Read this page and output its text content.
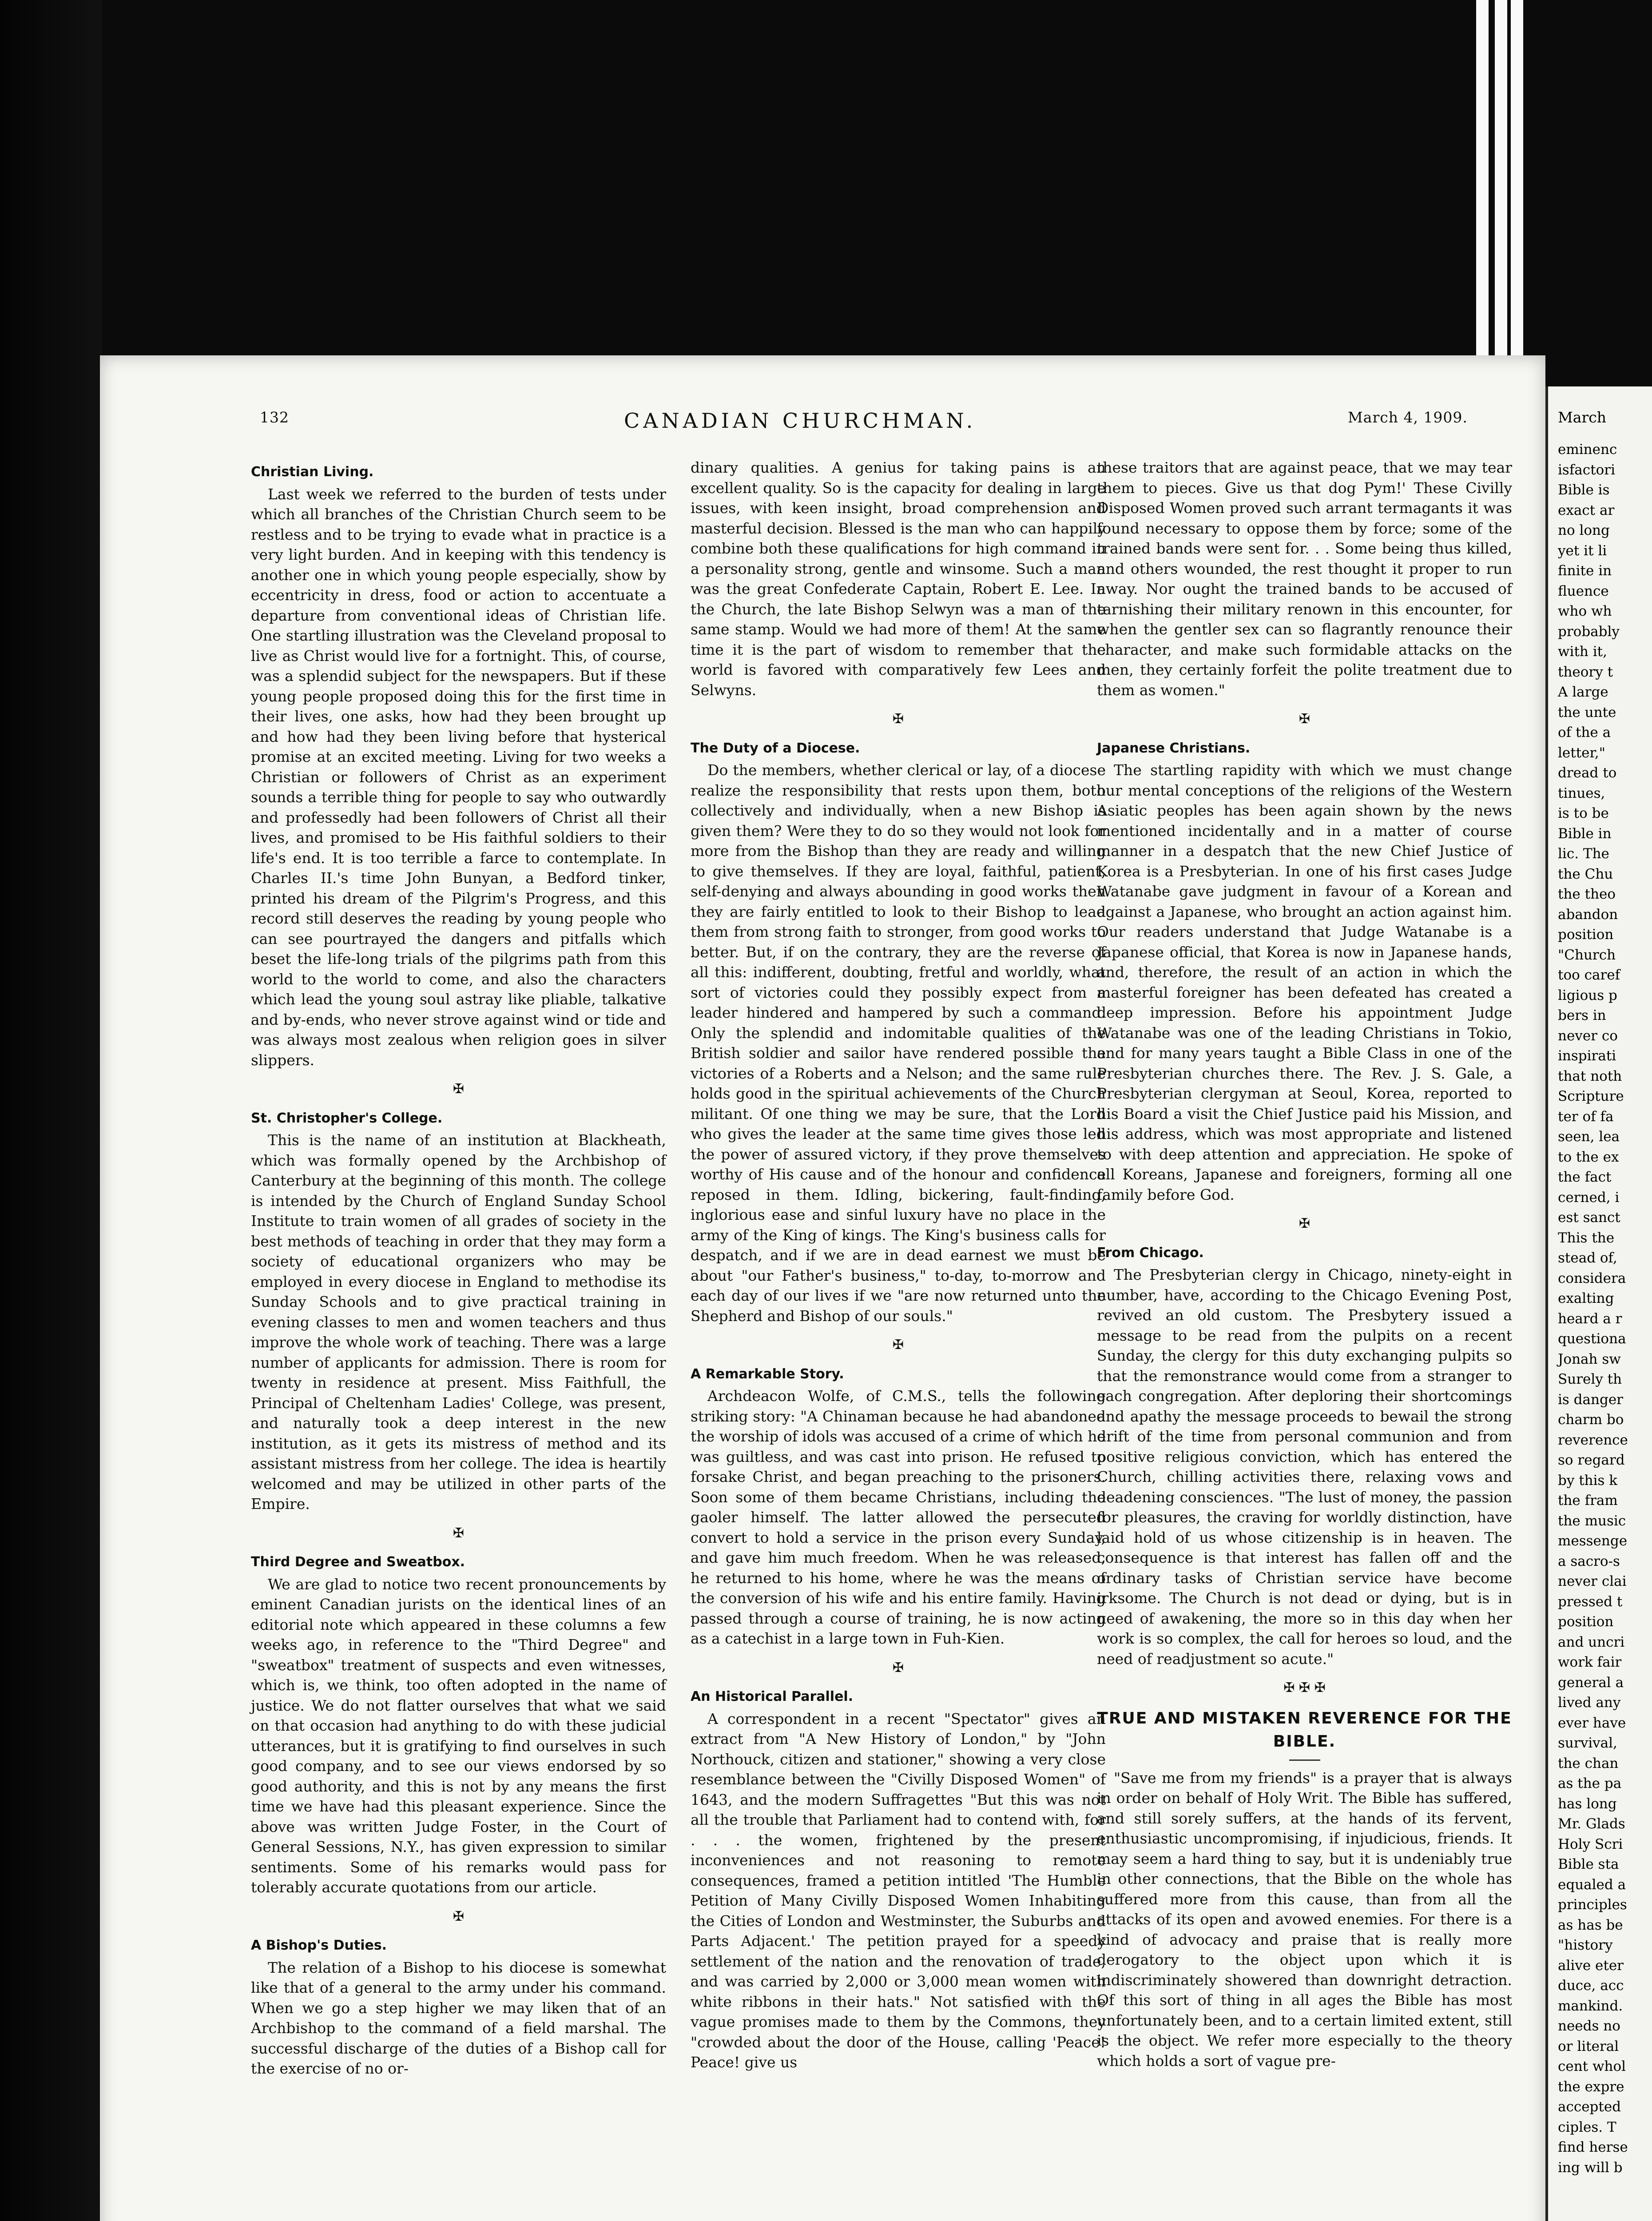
132	CANADIAN CHURCHMAN.	March 4, 1909.
Christian Living.

Last week we referred to the burden of tests under which all branches of the Christian Church seem to be restless and to be trying to evade what in practice is a very light burden. And in keeping with this tendency is another one in which young people especially, show by eccentricity in dress, food or action to accentuate a departure from conventional ideas of Christian life. One startling illustration was the Cleveland proposal to live as Christ would live for a fortnight. This, of course, was a splendid subject for the newspapers. But if these young people proposed doing this for the first time in their lives, one asks, how had they been brought up and how had they been living before that hysterical promise at an excited meeting. Living for two weeks a Christian or followers of Christ as an experiment sounds a terrible thing for people to say who outwardly and professedly had been followers of Christ all their lives, and promised to be His faithful soldiers to their life's end. It is too terrible a farce to contemplate. In Charles II.'s time John Bunyan, a Bedford tinker, printed his dream of the Pilgrim's Progress, and this record still deserves the reading by young people who can see pourtrayed the dangers and pitfalls which beset the life-long trials of the pilgrims path from this world to the world to come, and also the characters which lead the young soul astray like pliable, talkative and by-ends, who never strove against wind or tide and was always most zealous when religion goes in silver slippers.

✠
St. Christopher's College.

This is the name of an institution at Blackheath, which was formally opened by the Archbishop of Canterbury at the beginning of this month. The college is intended by the Church of England Sunday School Institute to train women of all grades of society in the best methods of teaching in order that they may form a society of educational organizers who may be employed in every diocese in England to methodise its Sunday Schools and to give practical training in evening classes to men and women teachers and thus improve the whole work of teaching. There was a large number of applicants for admission. There is room for twenty in residence at present. Miss Faithfull, the Principal of Cheltenham Ladies' College, was present, and naturally took a deep interest in the new institution, as it gets its mistress of method and its assistant mistress from her college. The idea is heartily welcomed and may be utilized in other parts of the Empire.

✠
Third Degree and Sweatbox.

We are glad to notice two recent pronouncements by eminent Canadian jurists on the identical lines of an editorial note which appeared in these columns a few weeks ago, in reference to the "Third Degree" and "sweatbox" treatment of suspects and even witnesses, which is, we think, too often adopted in the name of justice. We do not flatter ourselves that what we said on that occasion had anything to do with these judicial utterances, but it is gratifying to find ourselves in such good company, and to see our views endorsed by so good authority, and this is not by any means the first time we have had this pleasant experience. Since the above was written Judge Foster, in the Court of General Sessions, N.Y., has given expression to similar sentiments. Some of his remarks would pass for tolerably accurate quotations from our article.

✠
A Bishop's Duties.

The relation of a Bishop to his diocese is somewhat like that of a general to the army under his command. When we go a step higher we may liken that of an Archbishop to the command of a field marshal. The successful discharge of the duties of a Bishop call for the exercise of no or-

dinary qualities. A genius for taking pains is an excellent quality. So is the capacity for dealing in large issues, with keen insight, broad comprehension and masterful decision. Blessed is the man who can happily combine both these qualifications for high command in a personality strong, gentle and winsome. Such a man was the great Confederate Captain, Robert E. Lee. In the Church, the late Bishop Selwyn was a man of the same stamp. Would we had more of them! At the same time it is the part of wisdom to remember that the world is favored with comparatively few Lees and Selwyns.

✠
The Duty of a Diocese.

Do the members, whether clerical or lay, of a diocese realize the responsibility that rests upon them, both collectively and individually, when a new Bishop is given them? Were they to do so they would not look for more from the Bishop than they are ready and willing to give themselves. If they are loyal, faithful, patient, self-denying and always abounding in good works then they are fairly entitled to look to their Bishop to lead them from strong faith to stronger, from good works to better. But, if on the contrary, they are the reverse of all this: indifferent, doubting, fretful and worldly, what sort of victories could they possibly expect from a leader hindered and hampered by such a command. Only the splendid and indomitable qualities of the British soldier and sailor have rendered possible the victories of a Roberts and a Nelson; and the same rule holds good in the spiritual achievements of the Church militant. Of one thing we may be sure, that the Lord who gives the leader at the same time gives those led the power of assured victory, if they prove themselves worthy of His cause and of the honour and confidence reposed in them. Idling, bickering, fault-finding, inglorious ease and sinful luxury have no place in the army of the King of kings. The King's business calls for despatch, and if we are in dead earnest we must be about "our Father's business," to-day, to-morrow and each day of our lives if we "are now returned unto the Shepherd and Bishop of our souls."

✠
A Remarkable Story.

Archdeacon Wolfe, of C.M.S., tells the following striking story: "A Chinaman because he had abandoned the worship of idols was accused of a crime of which he was guiltless, and was cast into prison. He refused to forsake Christ, and began preaching to the prisoners. Soon some of them became Christians, including the gaoler himself. The latter allowed the persecuted convert to hold a service in the prison every Sunday, and gave him much freedom. When he was released, he returned to his home, where he was the means of the conversion of his wife and his entire family. Having passed through a course of training, he is now acting as a catechist in a large town in Fuh-Kien.

✠
An Historical Parallel.

A correspondent in a recent "Spectator" gives an extract from "A New History of London," by "John Northouck, citizen and stationer," showing a very close resemblance between the "Civilly Disposed Women" of 1643, and the modern Suffragettes "But this was not all the trouble that Parliament had to contend with, for . . . the women, frightened by the present inconveniences and not reasoning to remote consequences, framed a petition intitled 'The Humble Petition of Many Civilly Disposed Women Inhabiting the Cities of London and Westminster, the Suburbs and Parts Adjacent.' The petition prayed for a speedy settlement of the nation and the renovation of trade, and was carried by 2,000 or 3,000 mean women with white ribbons in their hats." Not satisfied with the vague promises made to them by the Commons, they "crowded about the door of the House, calling 'Peace! Peace! give us

these traitors that are against peace, that we may tear them to pieces. Give us that dog Pym!' These Civilly Disposed Women proved such arrant termagants it was found necessary to oppose them by force; some of the trained bands were sent for. . . Some being thus killed, and others wounded, the rest thought it proper to run away. Nor ought the trained bands to be accused of tarnishing their military renown in this encounter, for when the gentler sex can so flagrantly renounce their character, and make such formidable attacks on the men, they certainly forfeit the polite treatment due to them as women."

✠
Japanese Christians.

The startling rapidity with which we must change our mental conceptions of the religions of the Western Asiatic peoples has been again shown by the news mentioned incidentally and in a matter of course manner in a despatch that the new Chief Justice of Korea is a Presbyterian. In one of his first cases Judge Watanabe gave judgment in favour of a Korean and against a Japanese, who brought an action against him. Our readers understand that Judge Watanabe is a Japanese official, that Korea is now in Japanese hands, and, therefore, the result of an action in which the masterful foreigner has been defeated has created a deep impression. Before his appointment Judge Watanabe was one of the leading Christians in Tokio, and for many years taught a Bible Class in one of the Presbyterian churches there. The Rev. J. S. Gale, a Presbyterian clergyman at Seoul, Korea, reported to his Board a visit the Chief Justice paid his Mission, and his address, which was most appropriate and listened to with deep attention and appreciation. He spoke of all Koreans, Japanese and foreigners, forming all one family before God.

✠
From Chicago.

The Presbyterian clergy in Chicago, ninety-eight in number, have, according to the Chicago Evening Post, revived an old custom. The Presbytery issued a message to be read from the pulpits on a recent Sunday, the clergy for this duty exchanging pulpits so that the remonstrance would come from a stranger to each congregation. After deploring their shortcomings and apathy the message proceeds to bewail the strong drift of the time from personal communion and from positive religious conviction, which has entered the Church, chilling activities there, relaxing vows and deadening consciences. "The lust of money, the passion for pleasures, the craving for worldly distinction, have laid hold of us whose citizenship is in heaven. The consequence is that interest has fallen off and the ordinary tasks of Christian service have become irksome. The Church is not dead or dying, but is in need of awakening, the more so in this day when her work is so complex, the call for heroes so loud, and the need of readjustment so acute."

✠ ✠ ✠
TRUE AND MISTAKEN REVERENCE FOR THE BIBLE.

"Save me from my friends" is a prayer that is always in order on behalf of Holy Writ. The Bible has suffered, and still sorely suffers, at the hands of its fervent, enthusiastic uncompromising, if injudicious, friends. It may seem a hard thing to say, but it is undeniably true in other connections, that the Bible on the whole has suffered more from this cause, than from all the attacks of its open and avowed enemies. For there is a kind of advocacy and praise that is really more derogatory to the object upon which it is indiscriminately showered than downright detraction. Of this sort of thing in all ages the Bible has most unfortunately been, and to a certain limited extent, still is the object. We refer more especially to the theory which holds a sort of vague pre-

March
eminenc
isfactori
Bible is
exact ar
no long
yet it li
finite in
fluence
who wh
probably
with it,
theory t
A large
the unte
of the a
letter,"
dread to
tinues,
is to be
Bible in
lic. The
the Chu
the theo
abandon
position
"Church
too caref
ligious p
bers in
never co
inspirati
that noth
Scripture
ter of fa
seen, lea
to the ex
the fact
cerned, i
est sanct
This the
stead of,
considera
exalting
heard a r
questiona
Jonah sw
Surely th
is danger
charm bo
reverence
so regard
by this k
the fram
the music
messenge
a sacro-s
never clai
pressed t
position
and uncri
work fair
general a
lived any
ever have
survival,
the chan
as the pa
has long
Mr. Glads
Holy Scri
Bible sta
equaled a
principles
as has be
"history
alive eter
duce, acc
mankind.
needs no
or literal
cent whol
the expre
accepted
ciples. T
find herse
ing will b
